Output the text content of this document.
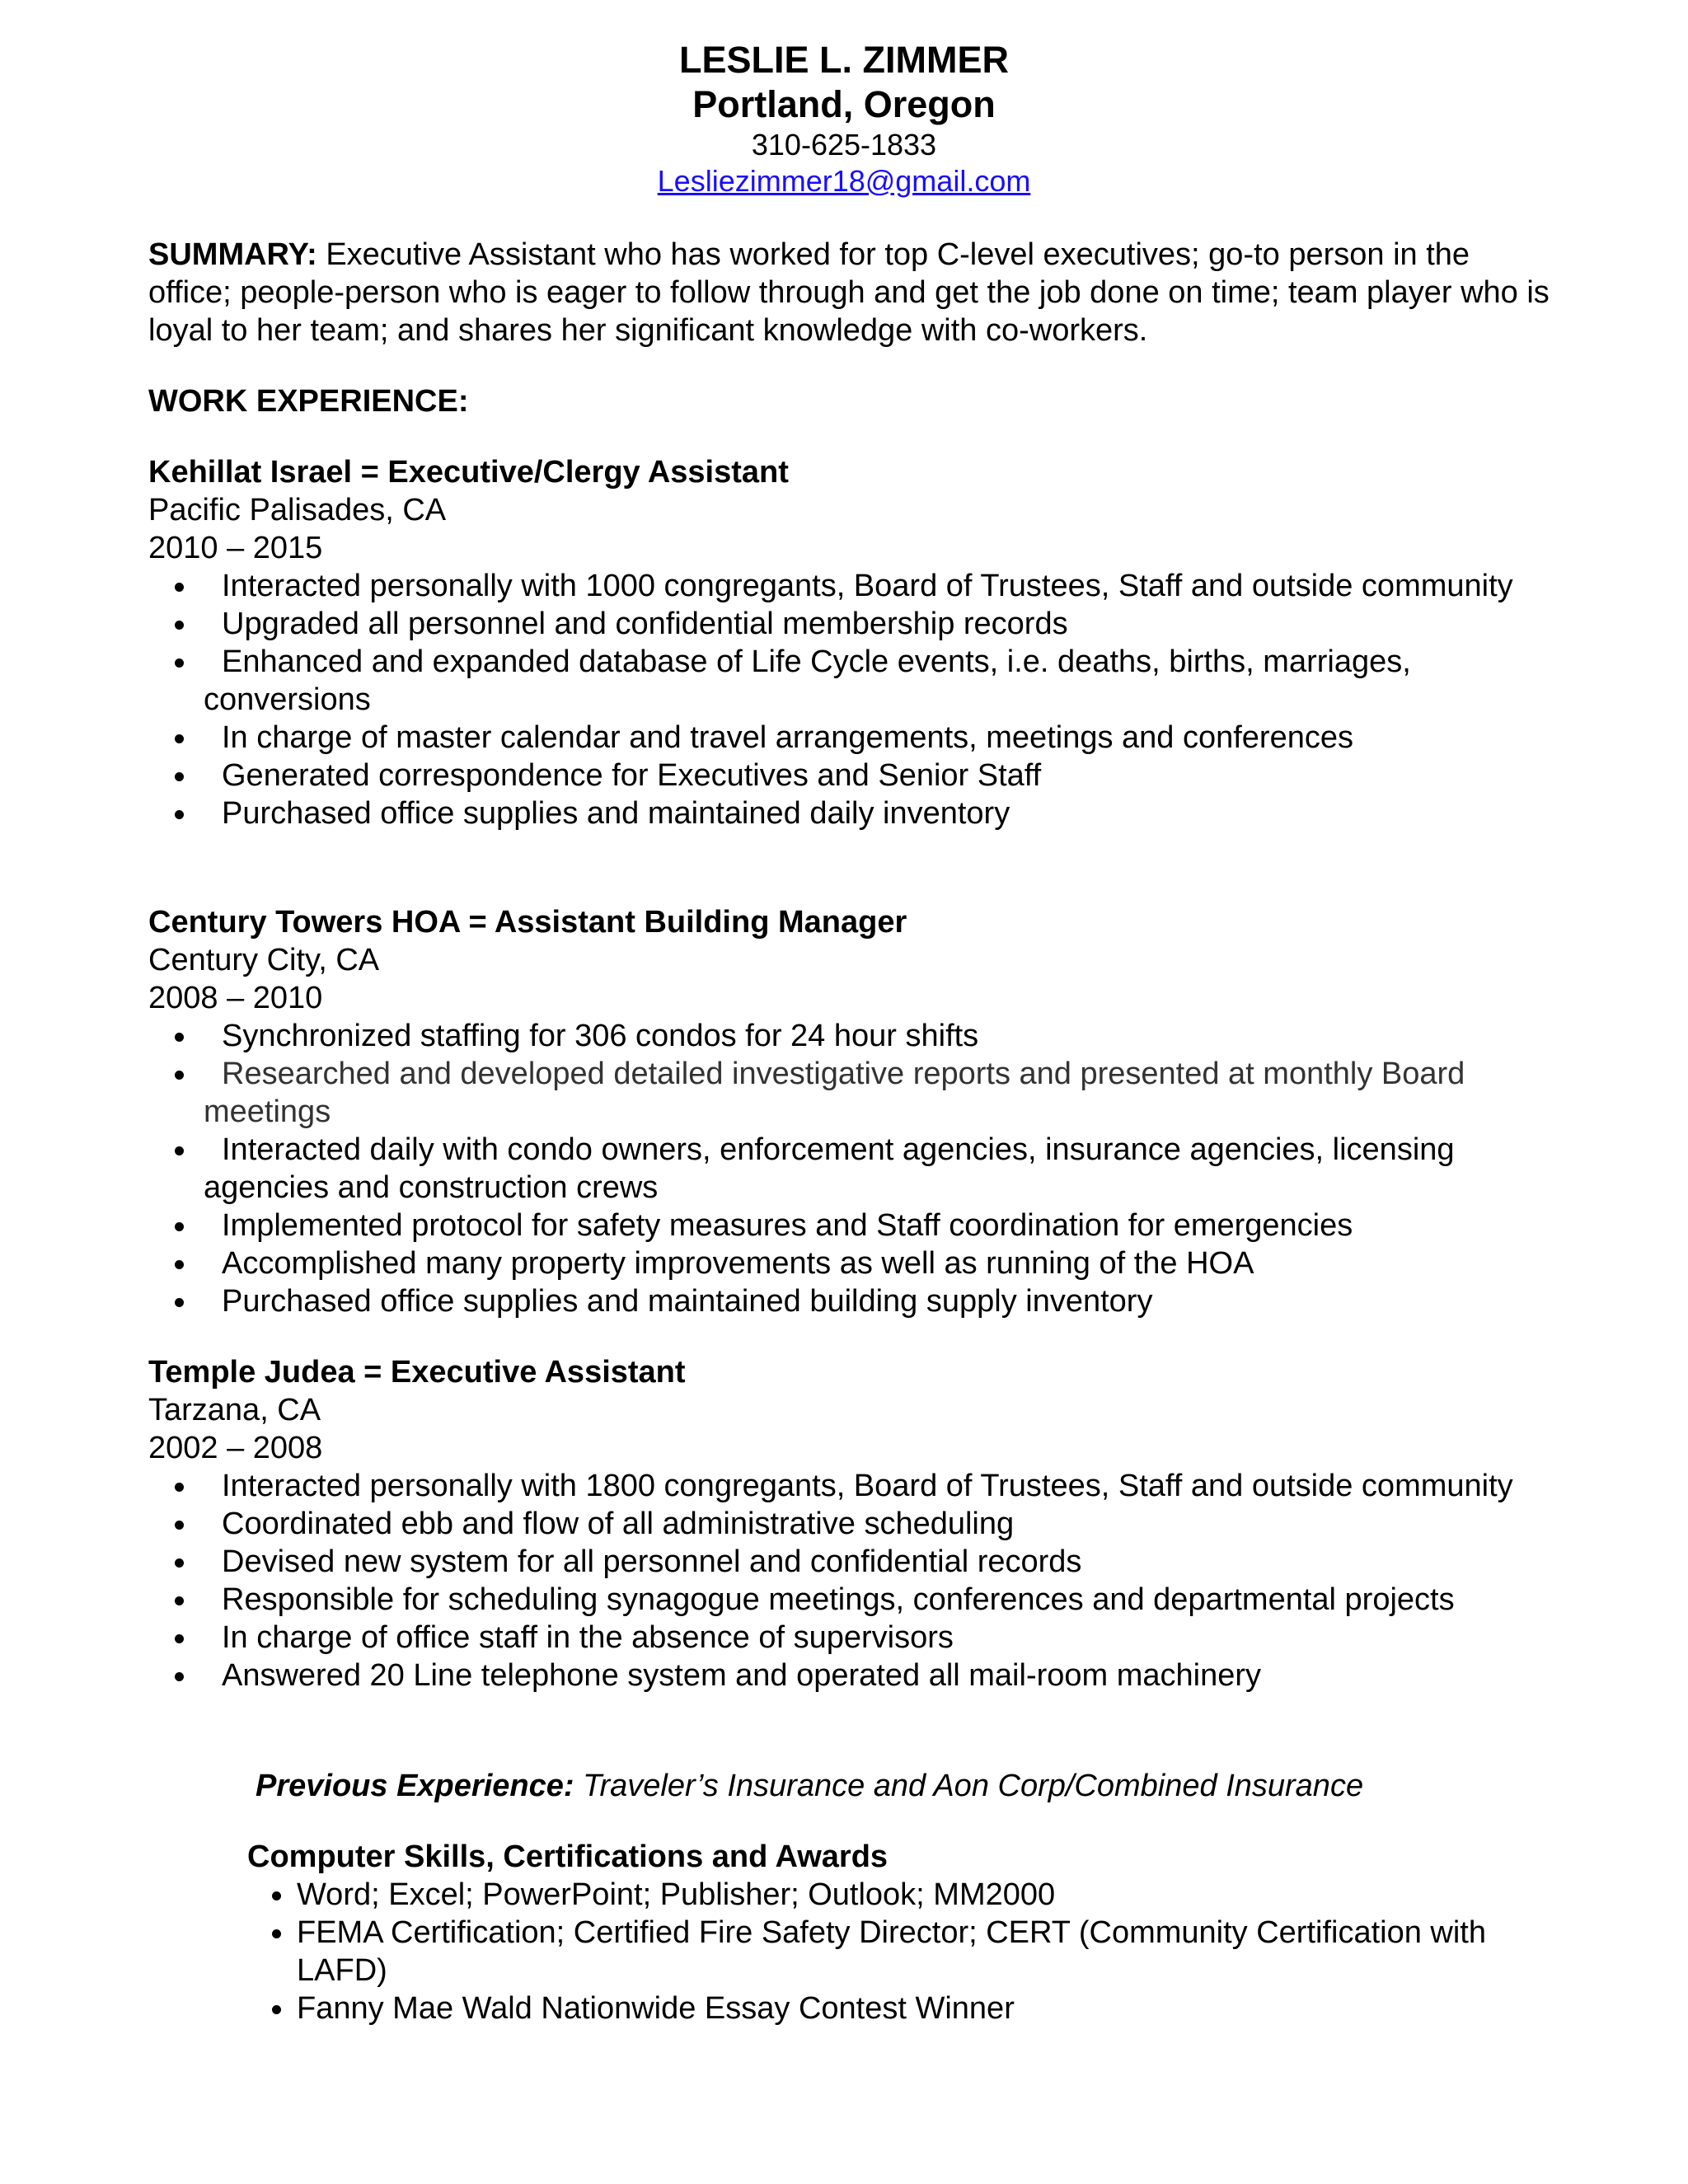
LESLIE L. ZIMMER
Portland, Oregon
310-625-1833
Lesliezimmer18@gmail.com
SUMMARY: Executive Assistant who has worked for top C-level executives; go-to person in the office; people-person who is eager to follow through and get the job done on time; team player who is loyal to her team; and shares her significant knowledge with co-workers.
WORK EXPERIENCE:
Kehillat Israel = Executive/Clergy Assistant
Pacific Palisades, CA
2010 – 2015
Interacted personally with 1000 congregants, Board of Trustees, Staff and outside community
Upgraded all personnel and confidential membership records
Enhanced and expanded database of Life Cycle events, i.e. deaths, births, marriages, conversions
In charge of master calendar and travel arrangements, meetings and conferences
Generated correspondence for Executives and Senior Staff
Purchased office supplies and maintained daily inventory
Century Towers HOA = Assistant Building Manager
Century City, CA
2008 – 2010
Synchronized staffing for 306 condos for 24 hour shifts
Researched and developed detailed investigative reports and presented at monthly Board meetings
Interacted daily with condo owners, enforcement agencies, insurance agencies, licensing agencies and construction crews
Implemented protocol for safety measures and Staff coordination for emergencies
Accomplished many property improvements as well as running of the HOA
Purchased office supplies and maintained building supply inventory
Temple Judea = Executive Assistant
Tarzana, CA
2002 – 2008
Interacted personally with 1800 congregants, Board of Trustees, Staff and outside community
Coordinated ebb and flow of all administrative scheduling
Devised new system for all personnel and confidential records
Responsible for scheduling synagogue meetings, conferences and departmental projects
In charge of office staff in the absence of supervisors
Answered 20 Line telephone system and operated all mail-room machinery
Previous Experience: Traveler’s Insurance and Aon Corp/Combined Insurance
Computer Skills, Certifications and Awards
Word; Excel; PowerPoint; Publisher; Outlook; MM2000
FEMA Certification; Certified Fire Safety Director; CERT (Community Certification with LAFD)
Fanny Mae Wald Nationwide Essay Contest Winner
